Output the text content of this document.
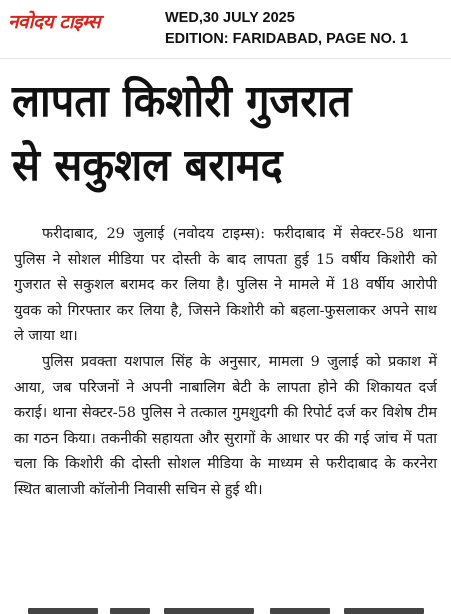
नवोदय टाइम्स	WED,30 JULY 2025
EDITION: FARIDABAD, PAGE NO. 1
लापता किशोरी गुजरात
से सकुशल बरामद

फरीदाबाद, 29 जुलाई (नवोदय टाइम्स): फरीदाबाद में सेक्टर-58 थाना पुलिस ने सोशल मीडिया पर दोस्ती के बाद लापता हुई 15 वर्षीय किशोरी को गुजरात से सकुशल बरामद कर लिया है। पुलिस ने मामले में 18 वर्षीय आरोपी युवक को गिरफ्तार कर लिया है, जिसने किशोरी को बहला-फुसलाकर अपने साथ ले जाया था।

पुलिस प्रवक्ता यशपाल सिंह के अनुसार, मामला 9 जुलाई को प्रकाश में आया, जब परिजनों ने अपनी नाबालिग बेटी के लापता होने की शिकायत दर्ज कराई। थाना सेक्टर-58 पुलिस ने तत्काल गुमशुदगी की रिपोर्ट दर्ज कर विशेष टीम का गठन किया। तकनीकी सहायता और सुरागों के आधार पर की गई जांच में पता चला कि किशोरी की दोस्ती सोशल मीडिया के माध्यम से फरीदाबाद के करनेरा स्थित बालाजी कॉलोनी निवासी सचिन से हुई थी।
